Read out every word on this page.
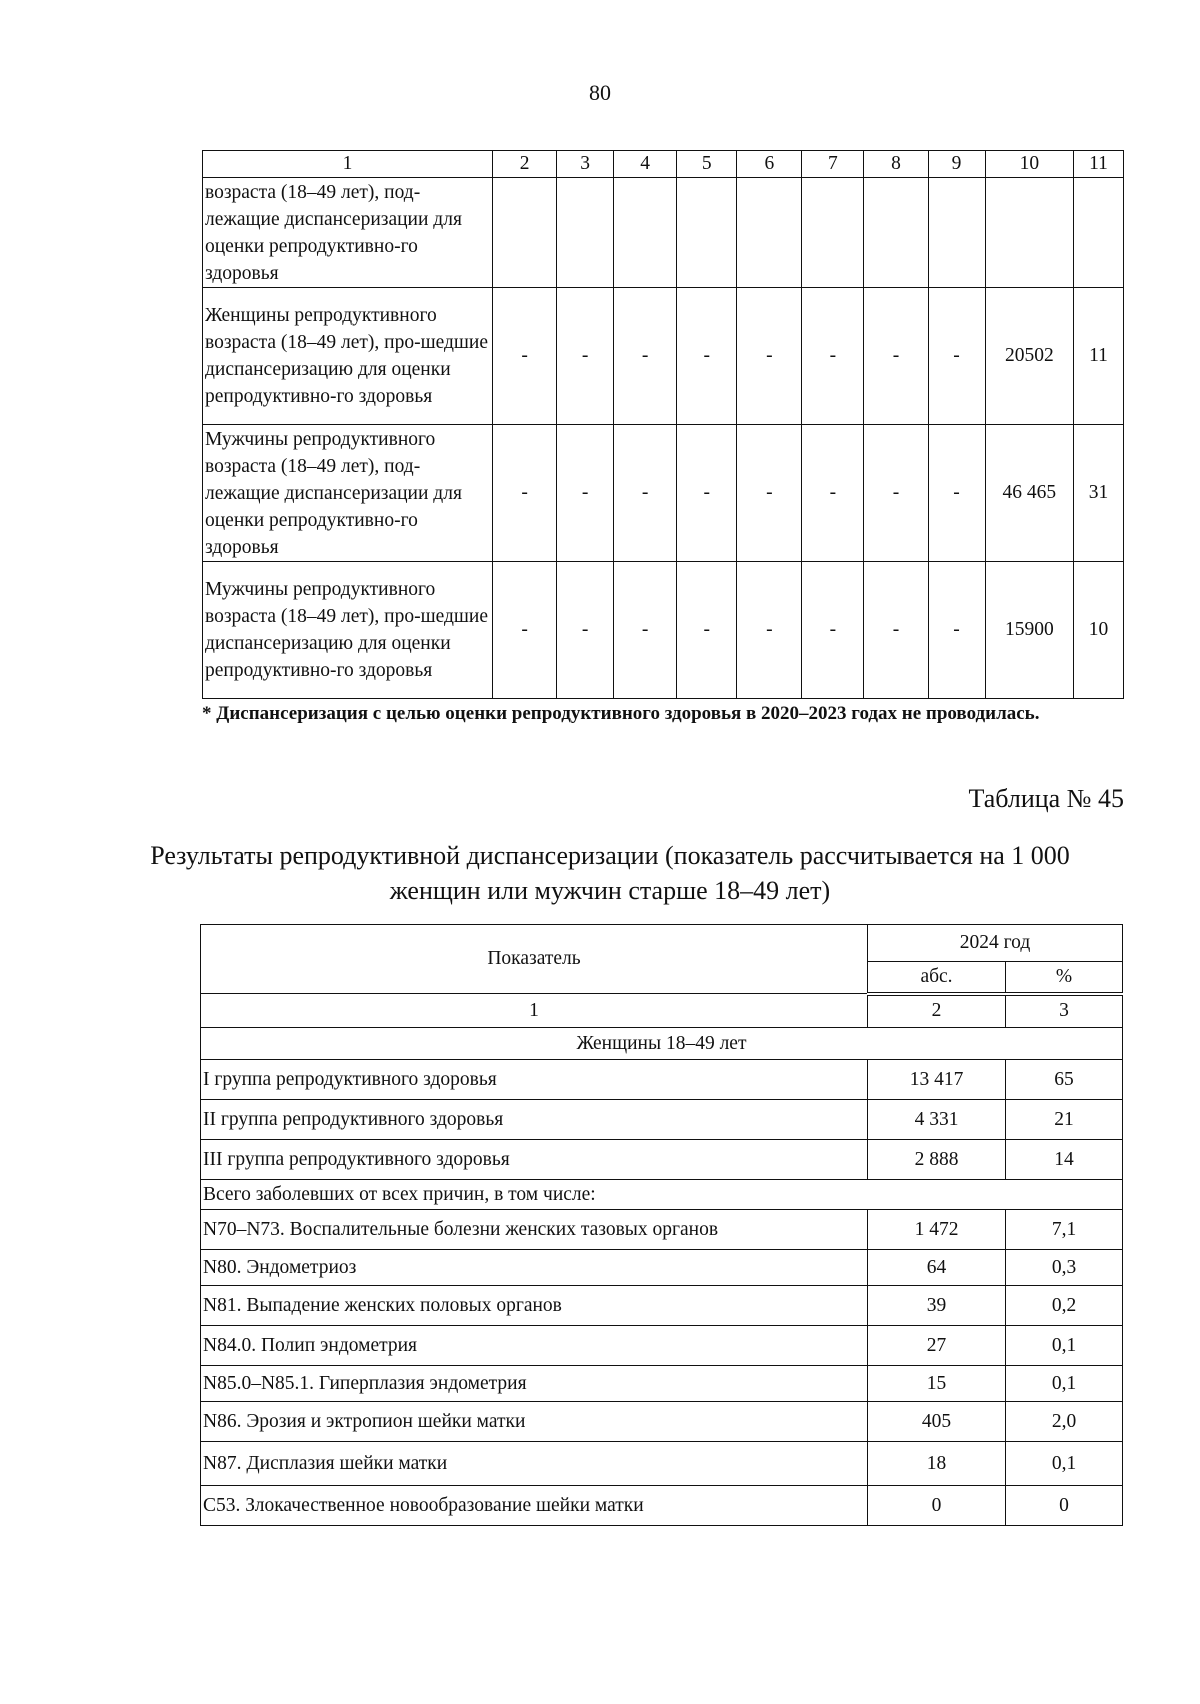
80
1	2	3	4	5	6	7	8	9	10	11
возраста (18–49 лет), под-лежащие диспансеризации для оценки репродуктивно-го здоровья										
Женщины репродуктивного возраста (18–49 лет), про-шедшие диспансеризацию для оценки репродуктивно-го здоровья	-	-	-	-	-	-	-	-	20502	11
Мужчины репродуктивного возраста (18–49 лет), под-лежащие диспансеризации для оценки репродуктивно-го здоровья	-	-	-	-	-	-	-	-	46 465	31
Мужчины репродуктивного возраста (18–49 лет), про-шедшие диспансеризацию для оценки репродуктивно-го здоровья	-	-	-	-	-	-	-	-	15900	10
* Диспансеризация с целью оценки репродуктивного здоровья в 2020–2023 годах не проводилась.
Таблица № 45
Результаты репродуктивной диспансеризации (показатель рассчитывается на 1 000 женщин или мужчин старше 18–49 лет)
Показатель	2024 год	
	абс.	%
1	2	3
Женщины 18–49 лет		
I группа репродуктивного здоровья	13 417	65
II группа репродуктивного здоровья	4 331	21
III группа репродуктивного здоровья	2 888	14
Всего заболевших от всех причин, в том числе:		
N70–N73. Воспалительные болезни женских тазовых органов	1 472	7,1
N80. Эндометриоз	64	0,3
N81. Выпадение женских половых органов	39	0,2
N84.0. Полип эндометрия	27	0,1
N85.0–N85.1. Гиперплазия эндометрия	15	0,1
N86. Эрозия и эктропион шейки матки	405	2,0
N87. Дисплазия шейки матки	18	0,1
С53. Злокачественное новообразование шейки матки	0	0
